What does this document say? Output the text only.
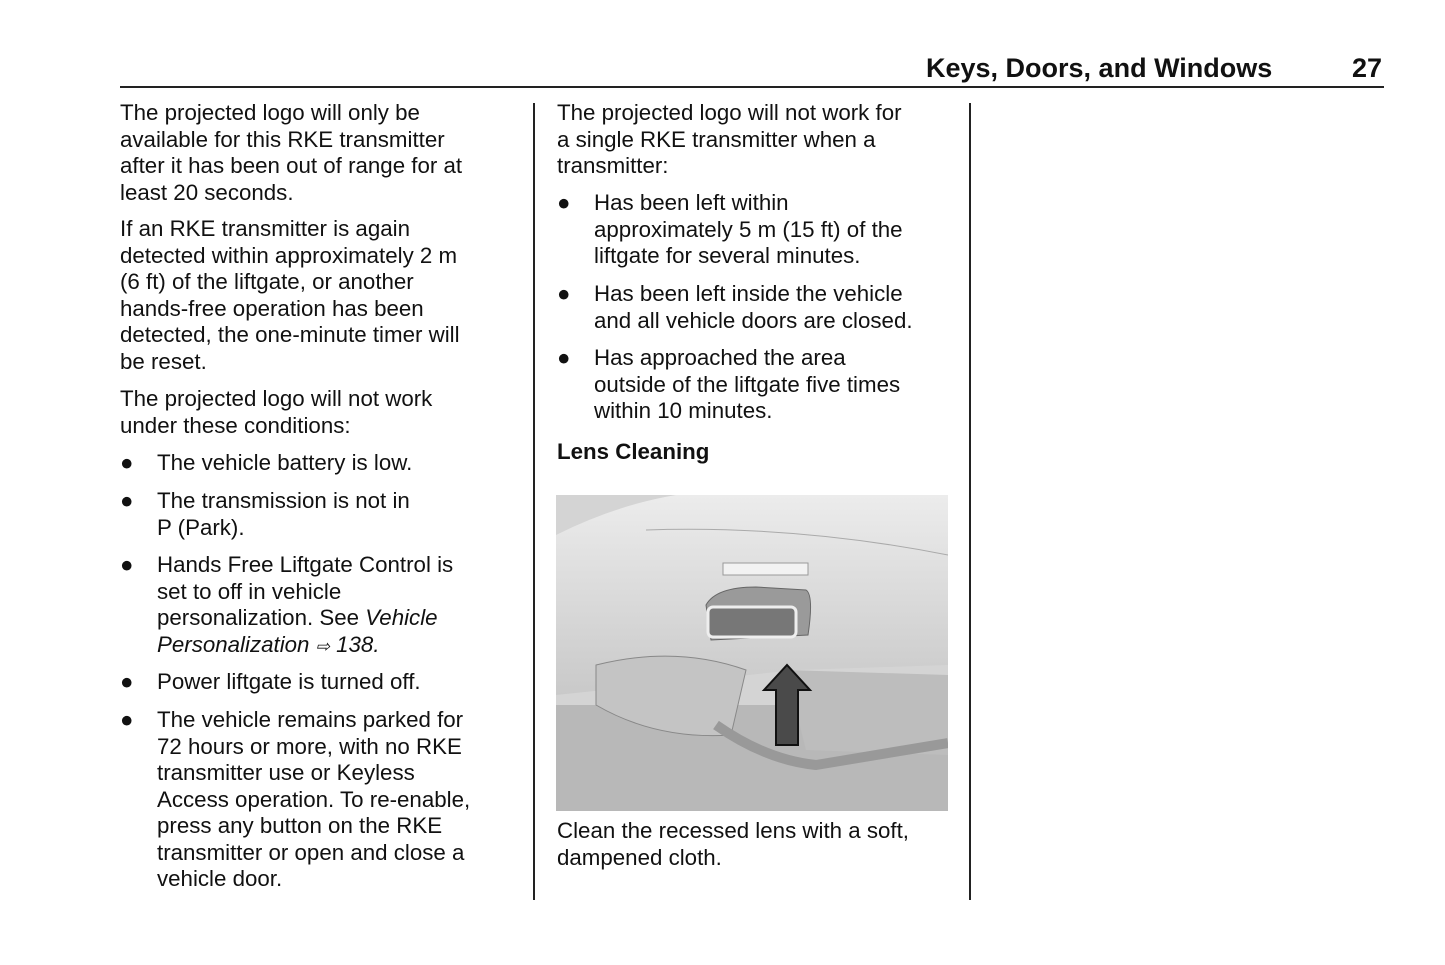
Keys, Doors, and Windows	27
The projected logo will only be
available for this RKE transmitter
after it has been out of range for at
least 20 seconds.
If an RKE transmitter is again
detected within approximately 2 m
(6 ft) of the liftgate, or another
hands-free operation has been
detected, the one-minute timer will
be reset.
The projected logo will not work
under these conditions:
● The vehicle battery is low.
● The transmission is not in
P (Park).
● Hands Free Liftgate Control is
set to off in vehicle
personalization. See Vehicle
Personalization ⇨ 138.
● Power liftgate is turned off.
● The vehicle remains parked for
72 hours or more, with no RKE
transmitter use or Keyless
Access operation. To re-enable,
press any button on the RKE
transmitter or open and close a
vehicle door.
The projected logo will not work for
a single RKE transmitter when a
transmitter:
● Has been left within
approximately 5 m (15 ft) of the
liftgate for several minutes.
● Has been left inside the vehicle
and all vehicle doors are closed.
● Has approached the area
outside of the liftgate five times
within 10 minutes.
Lens Cleaning
Clean the recessed lens with a soft,
dampened cloth.
